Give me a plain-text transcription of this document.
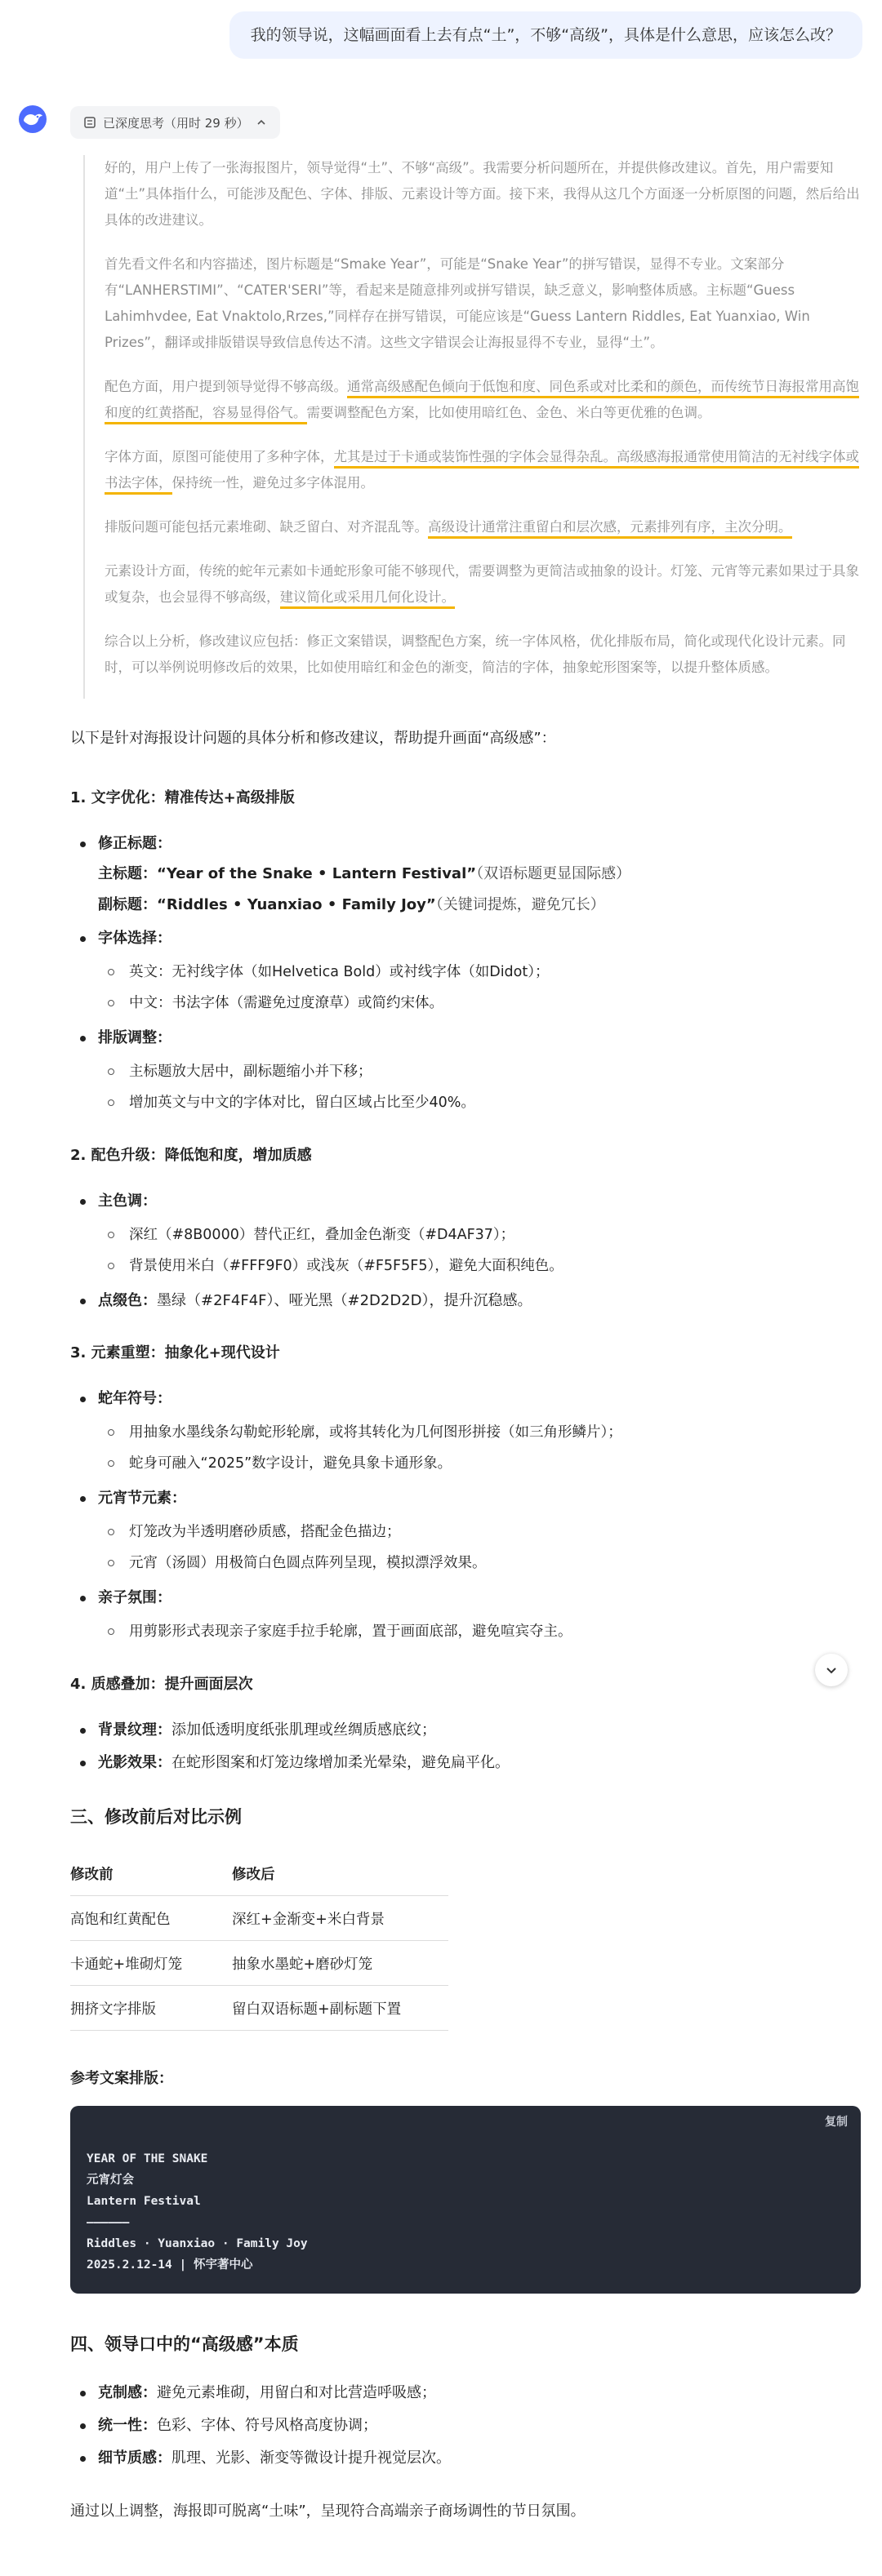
我的领导说，这幅画面看上去有点“土”，不够“高级”，具体是什么意思，应该怎么改？
已深度思考（用时 29 秒）

好的，用户上传了一张海报图片，领导觉得“土”、不够“高级”。我需要分析问题所在，并提供修改建议。首先，用户需要知道“土”具体指什么，可能涉及配色、字体、排版、元素设计等方面。接下来，我得从这几个方面逐一分析原图的问题，然后给出具体的改进建议。

首先看文件名和内容描述，图片标题是“Smake Year”，可能是“Snake Year”的拼写错误，显得不专业。文案部分有“LANHERSTIMI”、“CATER'SERI”等，看起来是随意排列或拼写错误，缺乏意义，影响整体质感。主标题“Guess Lahimhvdee, Eat Vnaktolo,Rrzes,”同样存在拼写错误，可能应该是“Guess Lantern Riddles, Eat Yuanxiao, Win Prizes”，翻译或排版错误导致信息传达不清。这些文字错误会让海报显得不专业，显得“土”。

配色方面，用户提到领导觉得不够高级。通常高级感配色倾向于低饱和度、同色系或对比柔和的颜色，而传统节日海报常用高饱和度的红黄搭配，容易显得俗气。需要调整配色方案，比如使用暗红色、金色、米白等更优雅的色调。

字体方面，原图可能使用了多种字体，尤其是过于卡通或装饰性强的字体会显得杂乱。高级感海报通常使用简洁的无衬线字体或书法字体，保持统一性，避免过多字体混用。

排版问题可能包括元素堆砌、缺乏留白、对齐混乱等。高级设计通常注重留白和层次感，元素排列有序，主次分明。

元素设计方面，传统的蛇年元素如卡通蛇形象可能不够现代，需要调整为更简洁或抽象的设计。灯笼、元宵等元素如果过于具象或复杂，也会显得不够高级，建议简化或采用几何化设计。

综合以上分析，修改建议应包括：修正文案错误，调整配色方案，统一字体风格，优化排版布局，简化或现代化设计元素。同时，可以举例说明修改后的效果，比如使用暗红和金色的渐变，简洁的字体，抽象蛇形图案等，以提升整体质感。

以下是针对海报设计问题的具体分析和修改建议，帮助提升画面“高级感”：

1. 文字优化：精准传达+高级排版
修正标题：
主标题：“Year of the Snake • Lantern Festival”（双语标题更显国际感）
副标题：“Riddles • Yuanxiao • Family Joy”（关键词提炼，避免冗长）
字体选择：
英文：无衬线字体（如Helvetica Bold）或衬线字体（如Didot）；
中文：书法字体（需避免过度潦草）或简约宋体。
排版调整：
主标题放大居中，副标题缩小并下移；
增加英文与中文的字体对比，留白区域占比至少40%。
2. 配色升级：降低饱和度，增加质感
主色调：
深红（#8B0000）替代正红，叠加金色渐变（#D4AF37）；
背景使用米白（#FFF9F0）或浅灰（#F5F5F5），避免大面积纯色。
点缀色：墨绿（#2F4F4F）、哑光黑（#2D2D2D），提升沉稳感。
3. 元素重塑：抽象化+现代设计
蛇年符号：
用抽象水墨线条勾勒蛇形轮廓，或将其转化为几何图形拼接（如三角形鳞片）；
蛇身可融入“2025”数字设计，避免具象卡通形象。
元宵节元素：
灯笼改为半透明磨砂质感，搭配金色描边；
元宵（汤圆）用极简白色圆点阵列呈现，模拟漂浮效果。
亲子氛围：
用剪影形式表现亲子家庭手拉手轮廓，置于画面底部，避免喧宾夺主。
4. 质感叠加：提升画面层次
背景纹理：添加低透明度纸张肌理或丝绸质感底纹；
光影效果：在蛇形图案和灯笼边缘增加柔光晕染，避免扁平化。
三、修改前后对比示例
修改前	修改后
高饱和红黄配色	深红+金渐变+米白背景
卡通蛇+堆砌灯笼	抽象水墨蛇+磨砂灯笼
拥挤文字排版	留白双语标题+副标题下置
参考文案排版：
复制
YEAR OF THE SNAKE
元宵灯会
Lantern Festival
——————
Riddles · Yuanxiao · Family Joy
2025.2.12-14 | 怀宇著中心
四、领导口中的“高级感”本质
克制感：避免元素堆砌，用留白和对比营造呼吸感；
统一性：色彩、字体、符号风格高度协调；
细节质感：肌理、光影、渐变等微设计提升视觉层次。

通过以上调整，海报即可脱离“土味”，呈现符合高端亲子商场调性的节日氛围。
